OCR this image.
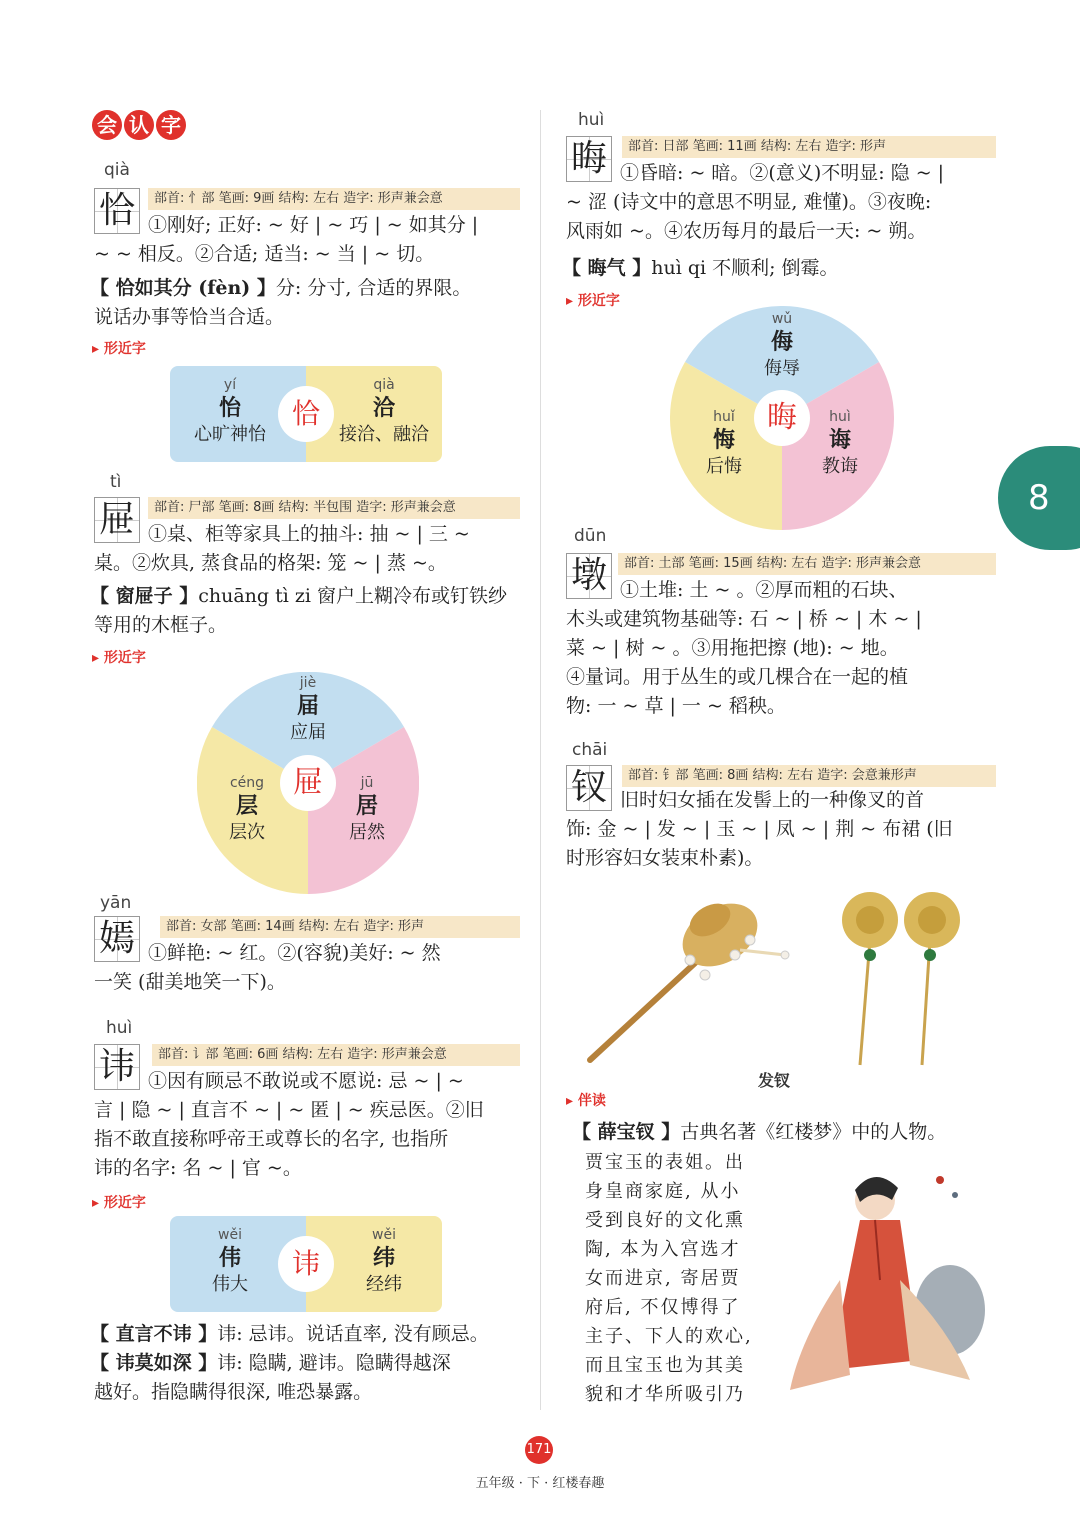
会 认 字
qià
恰	部首: 忄部 笔画: 9画 结构: 左右 造字: 形声兼会意
①刚好; 正好: ~ 好 | ~ 巧 | ~ 如其分 |
~ ~ 相反。②合适; 适当: ~ 当 | ~ 切。
【 恰如其分 (fèn) 】分: 分寸, 合适的界限。
说话办事等恰当合适。
▸ 形近字
yí
怡
心旷神怡
qià
洽
接洽、融洽
恰
tì
屉	部首: 尸部 笔画: 8画 结构: 半包围 造字: 形声兼会意
①桌、柜等家具上的抽斗: 抽 ~ | 三 ~
桌。②炊具, 蒸食品的格架: 笼 ~ | 蒸 ~。
【 窗屉子 】chuāng tì zi 窗户上糊冷布或钉铁纱
等用的木框子。
▸ 形近字
jiè
届
应届
céng
层
层次
jū
居
居然
屉
yān
嫣	部首: 女部 笔画: 14画 结构: 左右 造字: 形声
①鲜艳: ~ 红。②(容貌)美好: ~ 然
一笑 (甜美地笑一下)。
huì
讳	部首: 讠部 笔画: 6画 结构: 左右 造字: 形声兼会意
①因有顾忌不敢说或不愿说: 忌 ~ | ~
言 | 隐 ~ | 直言不 ~ | ~ 匿 | ~ 疾忌医。②旧
指不敢直接称呼帝王或尊长的名字, 也指所
讳的名字: 名 ~ | 官 ~。
▸ 形近字
wěi
伟
伟大
wěi
纬
经纬
讳
【 直言不讳 】讳: 忌讳。说话直率, 没有顾忌。
【 讳莫如深 】讳: 隐瞒, 避讳。隐瞒得越深
越好。指隐瞒得很深, 唯恐暴露。
huì
晦	部首: 日部 笔画: 11画 结构: 左右 造字: 形声
①昏暗: ~ 暗。②(意义)不明显: 隐 ~ |
~ 涩 (诗文中的意思不明显, 难懂)。③夜晚:
风雨如 ~。④农历每月的最后一天: ~ 朔。
【 晦气 】huì qi 不顺利; 倒霉。
▸ 形近字
wǔ
侮
侮辱
huǐ
悔
后悔
huì
诲
教诲
晦
8
dūn
墩	部首: 土部 笔画: 15画 结构: 左右 造字: 形声兼会意
①土堆: 土 ~ 。②厚而粗的石块、
木头或建筑物基础等: 石 ~ | 桥 ~ | 木 ~ |
菜 ~ | 树 ~ 。③用拖把擦 (地): ~ 地。
④量词。用于丛生的或几棵合在一起的植
物: 一 ~ 草 | 一 ~ 稻秧。
chāi
钗	部首: 钅部 笔画: 8画 结构: 左右 造字: 会意兼形声
旧时妇女插在发髻上的一种像叉的首
饰: 金 ~ | 发 ~ | 玉 ~ | 凤 ~ | 荆 ~ 布裙 (旧
时形容妇女装束朴素)。
发钗
▸ 伴读
【 薛宝钗 】古典名著《红楼梦》中的人物。
贾宝玉的表姐。出
身皇商家庭, 从小
受到良好的文化熏
陶, 本为入宫选才
女而进京, 寄居贾
府后, 不仅博得了
主子、下人的欢心,
而且宝玉也为其美
貌和才华所吸引乃
171
五年级 · 下 · 红楼春趣
